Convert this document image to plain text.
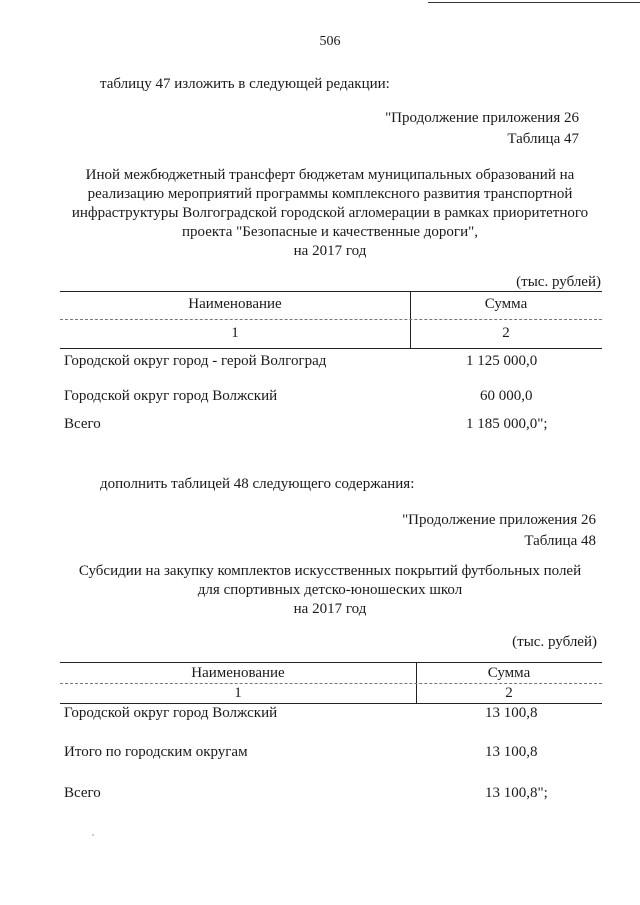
506
таблицу 47 изложить в следующей редакции:
"Продолжение приложения 26
Таблица 47
Иной межбюджетный трансферт бюджетам муниципальных образований на
реализацию мероприятий программы комплексного развития транспортной
инфраструктуры Волгоградской городской агломерации в рамках приоритетного
проекта "Безопасные и качественные дороги",
на 2017 год
(тыс. рублей)
Наименование	Сумма
1	2
Городской округ город - герой Волгоград	1 125 000,0
Городской округ город Волжский	60 000,0
Всего	1 185 000,0";
дополнить таблицей 48 следующего содержания:
"Продолжение приложения 26
Таблица 48
Субсидии на закупку комплектов искусственных покрытий футбольных полей
для спортивных детско-юношеских школ
на 2017 год
(тыс. рублей)
Наименование	Сумма
1	2
Городской округ город Волжский	13 100,8
Итого по городским округам	13 100,8
Всего	13 100,8";
